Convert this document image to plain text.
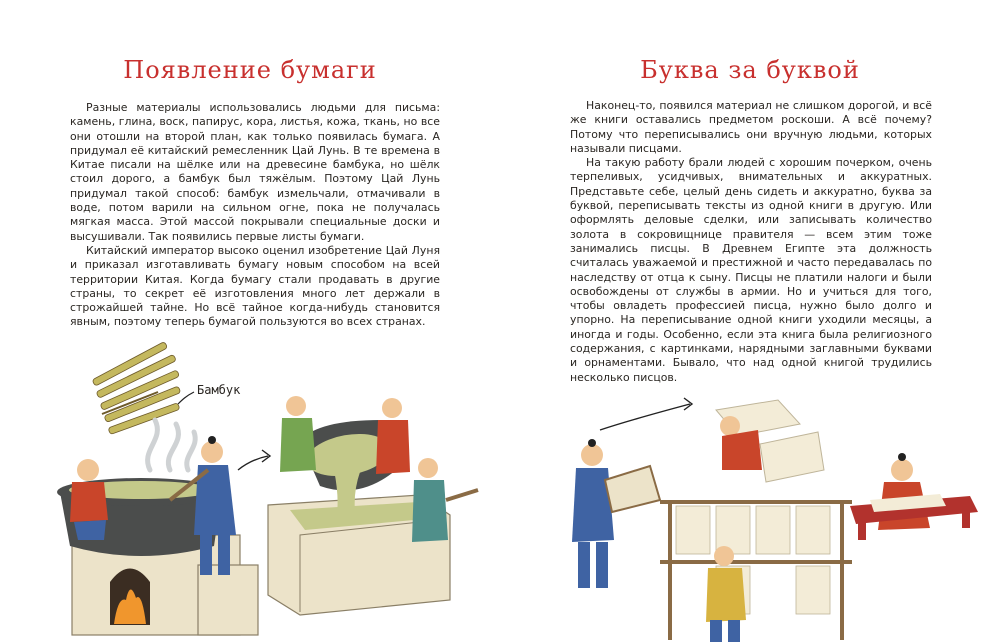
Появление бумаги

Разные материалы использовались людьми для письма: камень, глина, воск, папирус, кора, листья, кожа, ткань, но все они отошли на второй план, как только появилась бумага. А придумал её китайский ремесленник Цай Лунь. В те времена в Китае писали на шёлке или на древесине бамбука, но шёлк стоил дорого, а бамбук был тяжёлым. Поэтому Цай Лунь придумал такой способ: бамбук измельчали, отмачивали в воде, потом варили на сильном огне, пока не получалась мягкая масса. Этой массой покрывали специальные доски и высушивали. Так появились первые листы бумаги.

Китайский император высоко оценил изобретение Цай Луня и приказал изготавливать бумагу новым способом на всей территории Китая. Когда бумагу стали продавать в другие страны, то секрет её изготовления много лет держали в строжайшей тайне. Но всё тайное когда-нибудь становится явным, поэтому теперь бумагой пользуются во всех странах.

Бамбук
Буква за буквой

Наконец-то, появился материал не слишком дорогой, и всё же книги оставались предметом роскоши. А всё почему? Потому что переписывались они вручную людьми, которых называли писцами.

На такую работу брали людей с хорошим почерком, очень терпеливых, усидчивых, внимательных и аккуратных. Представьте себе, целый день сидеть и аккуратно, буква за буквой, переписывать тексты из одной книги в другую. Или оформлять деловые сделки, или записывать количество золота в сокровищнице правителя — всем этим тоже занимались писцы. В Древнем Египте эта должность считалась уважаемой и престижной и часто передавалась по наследству от отца к сыну. Писцы не платили налоги и были освобождены от службы в армии. Но и учиться для того, чтобы овладеть профессией писца, нужно было долго и упорно. На переписывание одной книги уходили месяцы, а иногда и годы. Особенно, если эта книга была религиозного содержания, с картинками, нарядными заглавными буквами и орнаментами. Бывало, что над одной книгой трудились несколько писцов.
